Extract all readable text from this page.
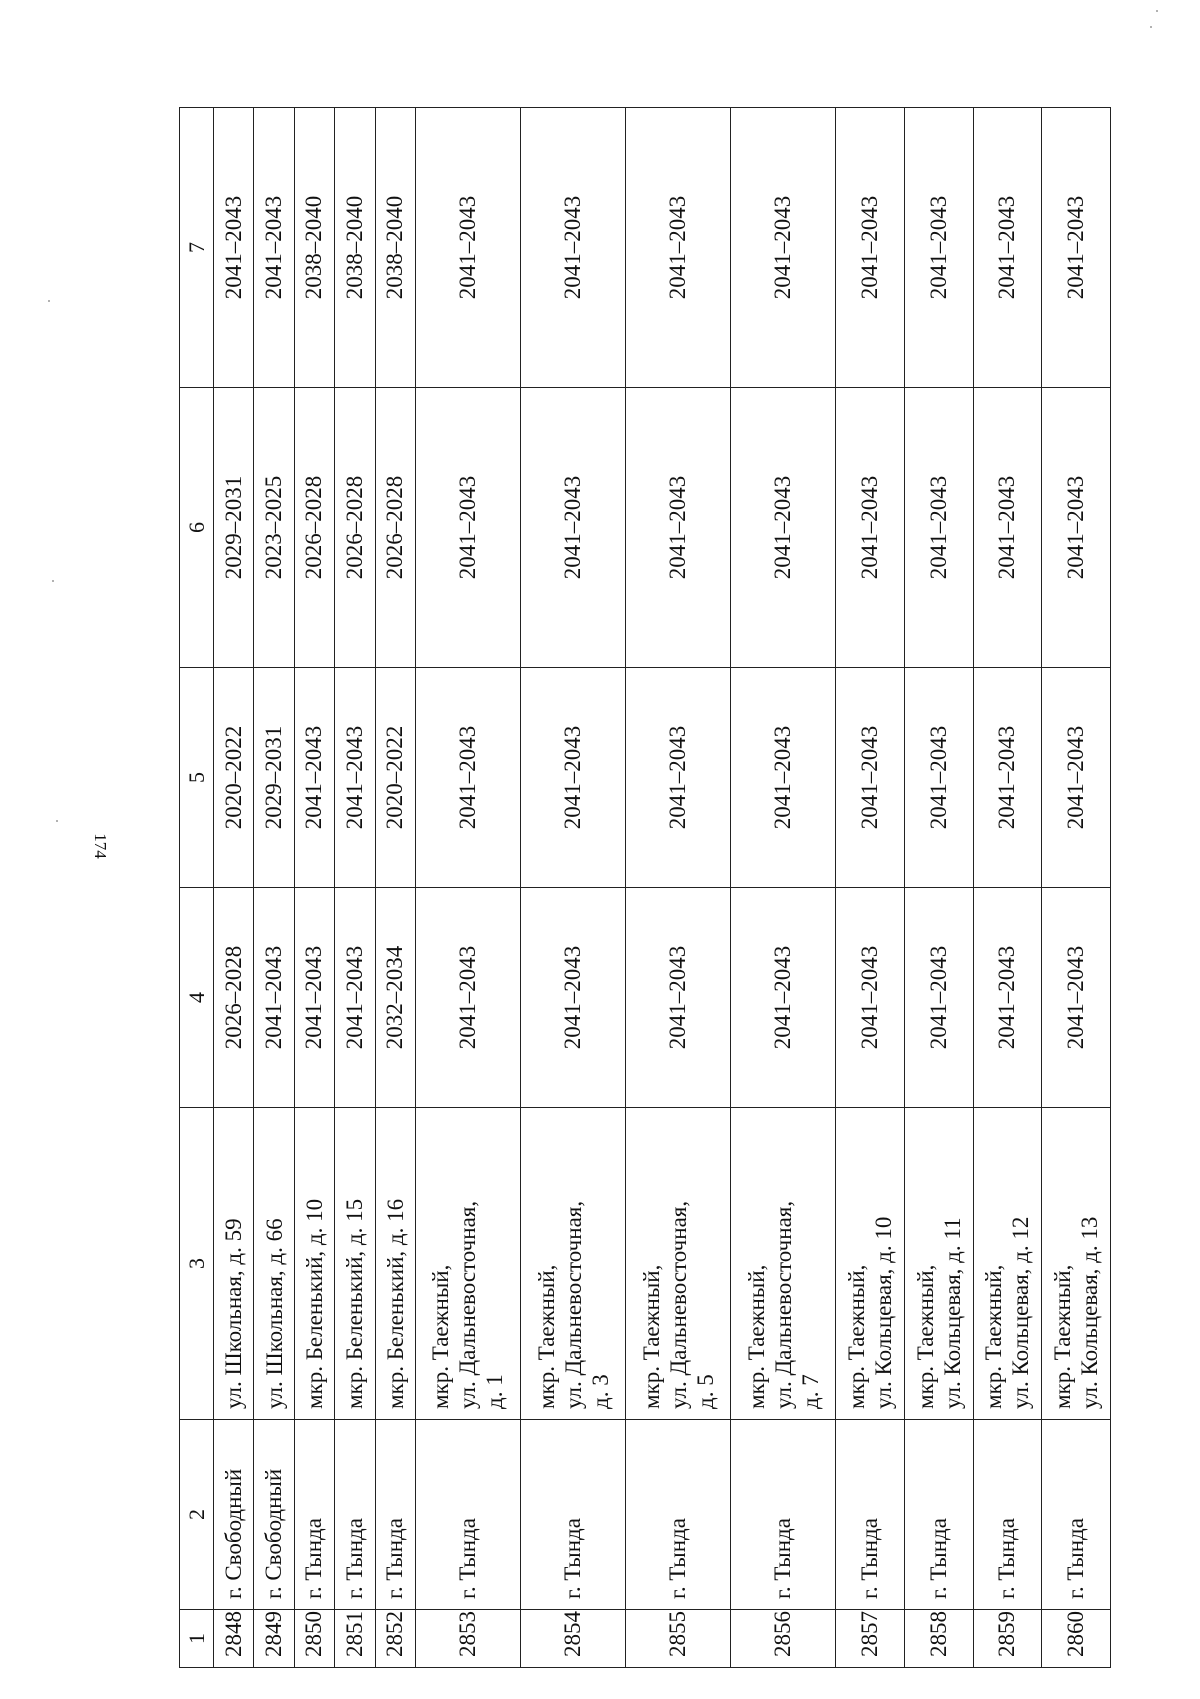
174
1	2	3	4	5	6	7
2848	г. Свободный	ул. Школьная, д. 59	2026–2028	2020–2022	2029–2031	2041–2043
2849	г. Свободный	ул. Школьная, д. 66	2041–2043	2029–2031	2023–2025	2041–2043
2850	г. Тында	мкр. Беленький, д. 10	2041–2043	2041–2043	2026–2028	2038–2040
2851	г. Тында	мкр. Беленький, д. 15	2041–2043	2041–2043	2026–2028	2038–2040
2852	г. Тында	мкр. Беленький, д. 16	2032–2034	2020–2022	2026–2028	2038–2040
2853	г. Тында	мкр. Таежный,
ул. Дальневосточная,
д. 1	2041–2043	2041–2043	2041–2043	2041–2043
2854	г. Тында	мкр. Таежный,
ул. Дальневосточная,
д. 3	2041–2043	2041–2043	2041–2043	2041–2043
2855	г. Тында	мкр. Таежный,
ул. Дальневосточная,
д. 5	2041–2043	2041–2043	2041–2043	2041–2043
2856	г. Тында	мкр. Таежный,
ул. Дальневосточная,
д. 7	2041–2043	2041–2043	2041–2043	2041–2043
2857	г. Тында	мкр. Таежный,
ул. Кольцевая, д. 10	2041–2043	2041–2043	2041–2043	2041–2043
2858	г. Тында	мкр. Таежный,
ул. Кольцевая, д. 11	2041–2043	2041–2043	2041–2043	2041–2043
2859	г. Тында	мкр. Таежный,
ул. Кольцевая, д. 12	2041–2043	2041–2043	2041–2043	2041–2043
2860	г. Тында	мкр. Таежный,
ул. Кольцевая, д. 13	2041–2043	2041–2043	2041–2043	2041–2043
